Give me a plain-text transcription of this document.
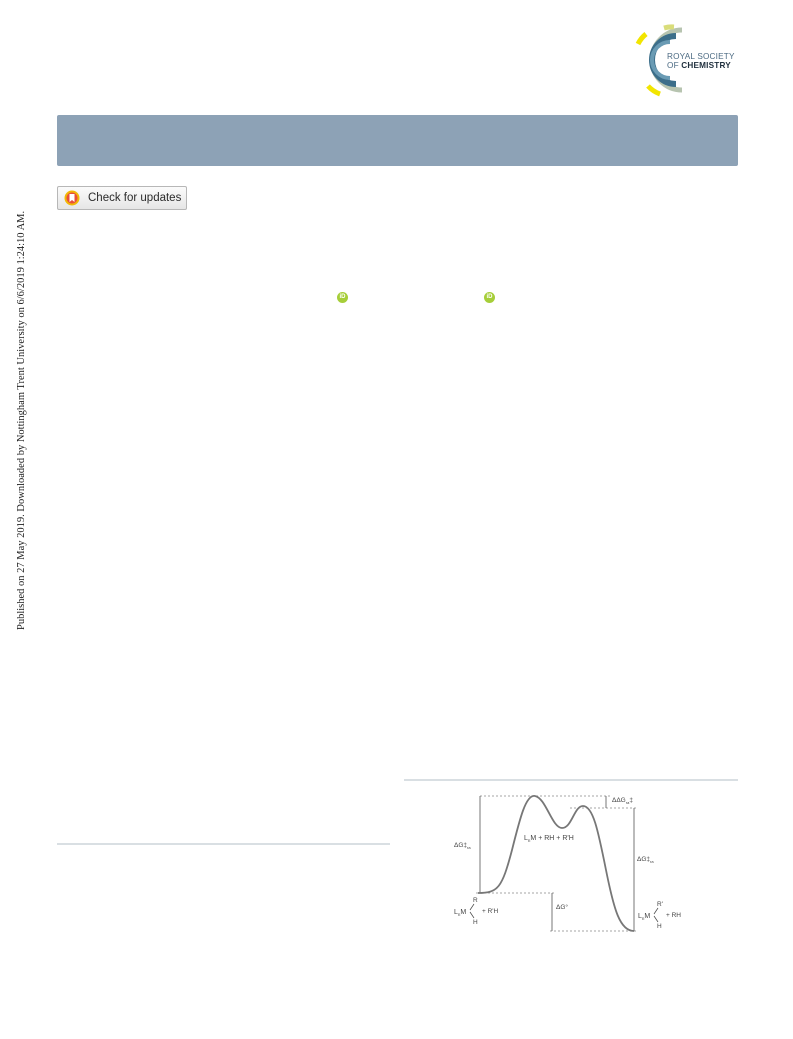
Published on 27 May 2019. Downloaded by Nottingham Trent University on 6/6/2019 1:24:10 AM.
ROYAL SOCIETY
OF CHEMISTRY
Check for updates
iD	iD
$\Delta\Delta G_{ra}\ddagger$
$\Delta G\ddagger_{ra}$
$\Delta G\ddagger_{ra}$
ΔG°
$L_nM$ + RH + R'H
$L_nM$
R
H
+ R'H
$L_nM$
R'
H
+ RH
